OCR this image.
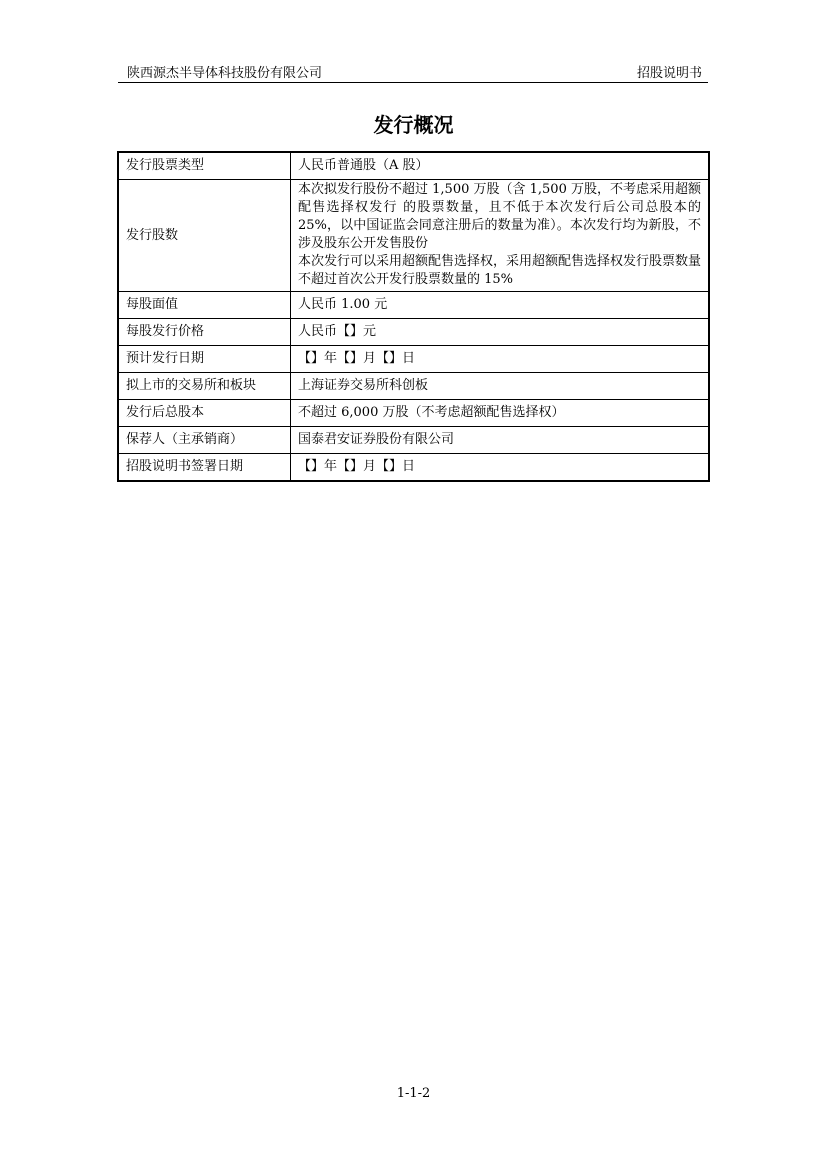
陕西源杰半导体科技股份有限公司	招股说明书
发行概况
发行股票类型	人民币普通股（A 股）

发行股数	本次拟发行股份不超过 1,500 万股（含 1,500 万股，不考虑采用超额配售选择权发行 的股票数量，且不低于本次发行后公司总股本的 25%，以中国证监会同意注册后的数量为准）。本次发行均为新股，不涉及股东公开发售股份
本次发行可以采用超额配售选择权，采用超额配售选择权发行股票数量不超过首次公开发行股票数量的 15%

每股面值	人民币 1.00 元

每股发行价格	人民币【】元

预计发行日期	【】年【】月【】日

拟上市的交易所和板块	上海证券交易所科创板

发行后总股本	不超过 6,000 万股（不考虑超额配售选择权）

保荐人（主承销商）	国泰君安证券股份有限公司

招股说明书签署日期	【】年【】月【】日
1-1-2
